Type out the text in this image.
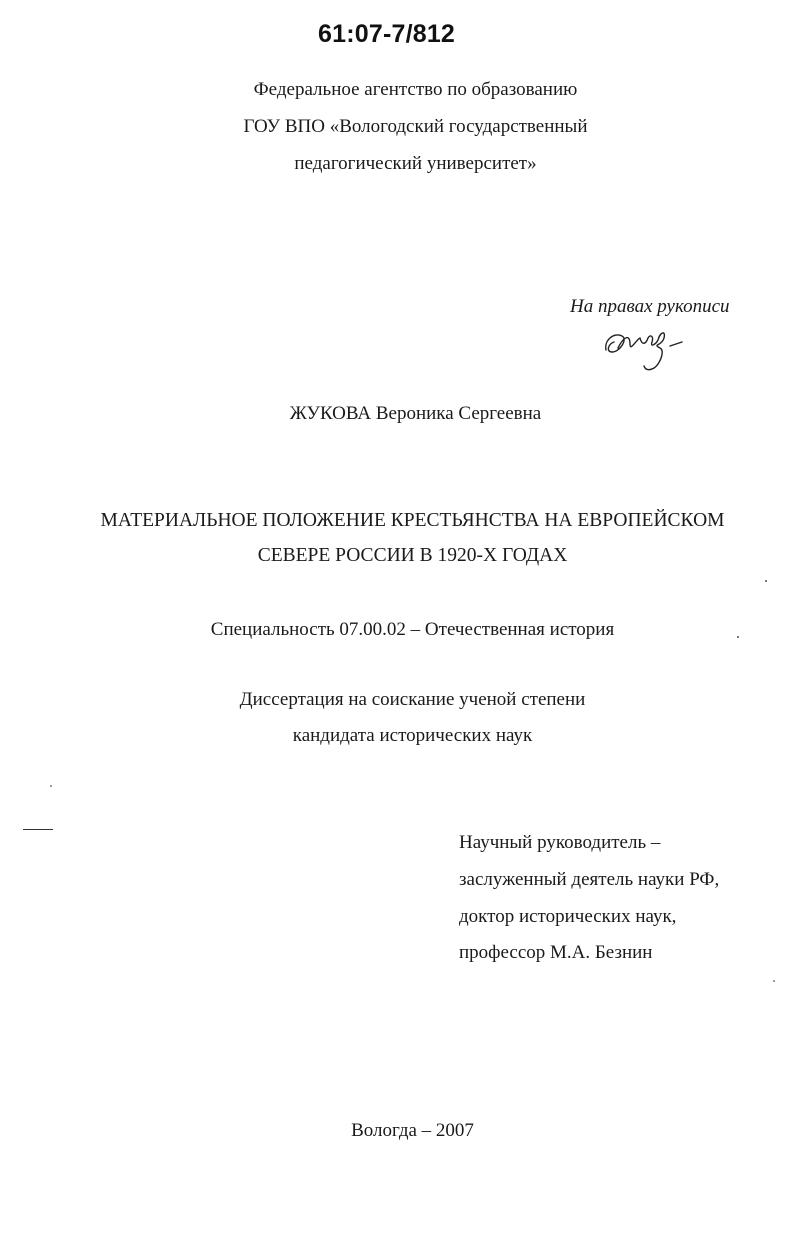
61:07-7/812
Федеральное агентство по образованию
ГОУ ВПО «Вологодский государственный
педагогический университет»
На правах рукописи
ЖУКОВА Вероника Сергеевна
МАТЕРИАЛЬНОЕ ПОЛОЖЕНИЕ КРЕСТЬЯНСТВА НА ЕВРОПЕЙСКОМ
СЕВЕРЕ РОССИИ В 1920-Х ГОДАХ
Специальность 07.00.02 – Отечественная история
Диссертация на соискание ученой степени
кандидата исторических наук
Научный руководитель –
заслуженный деятель науки РФ,
доктор исторических наук,
профессор М.А. Безнин
Вологда – 2007
